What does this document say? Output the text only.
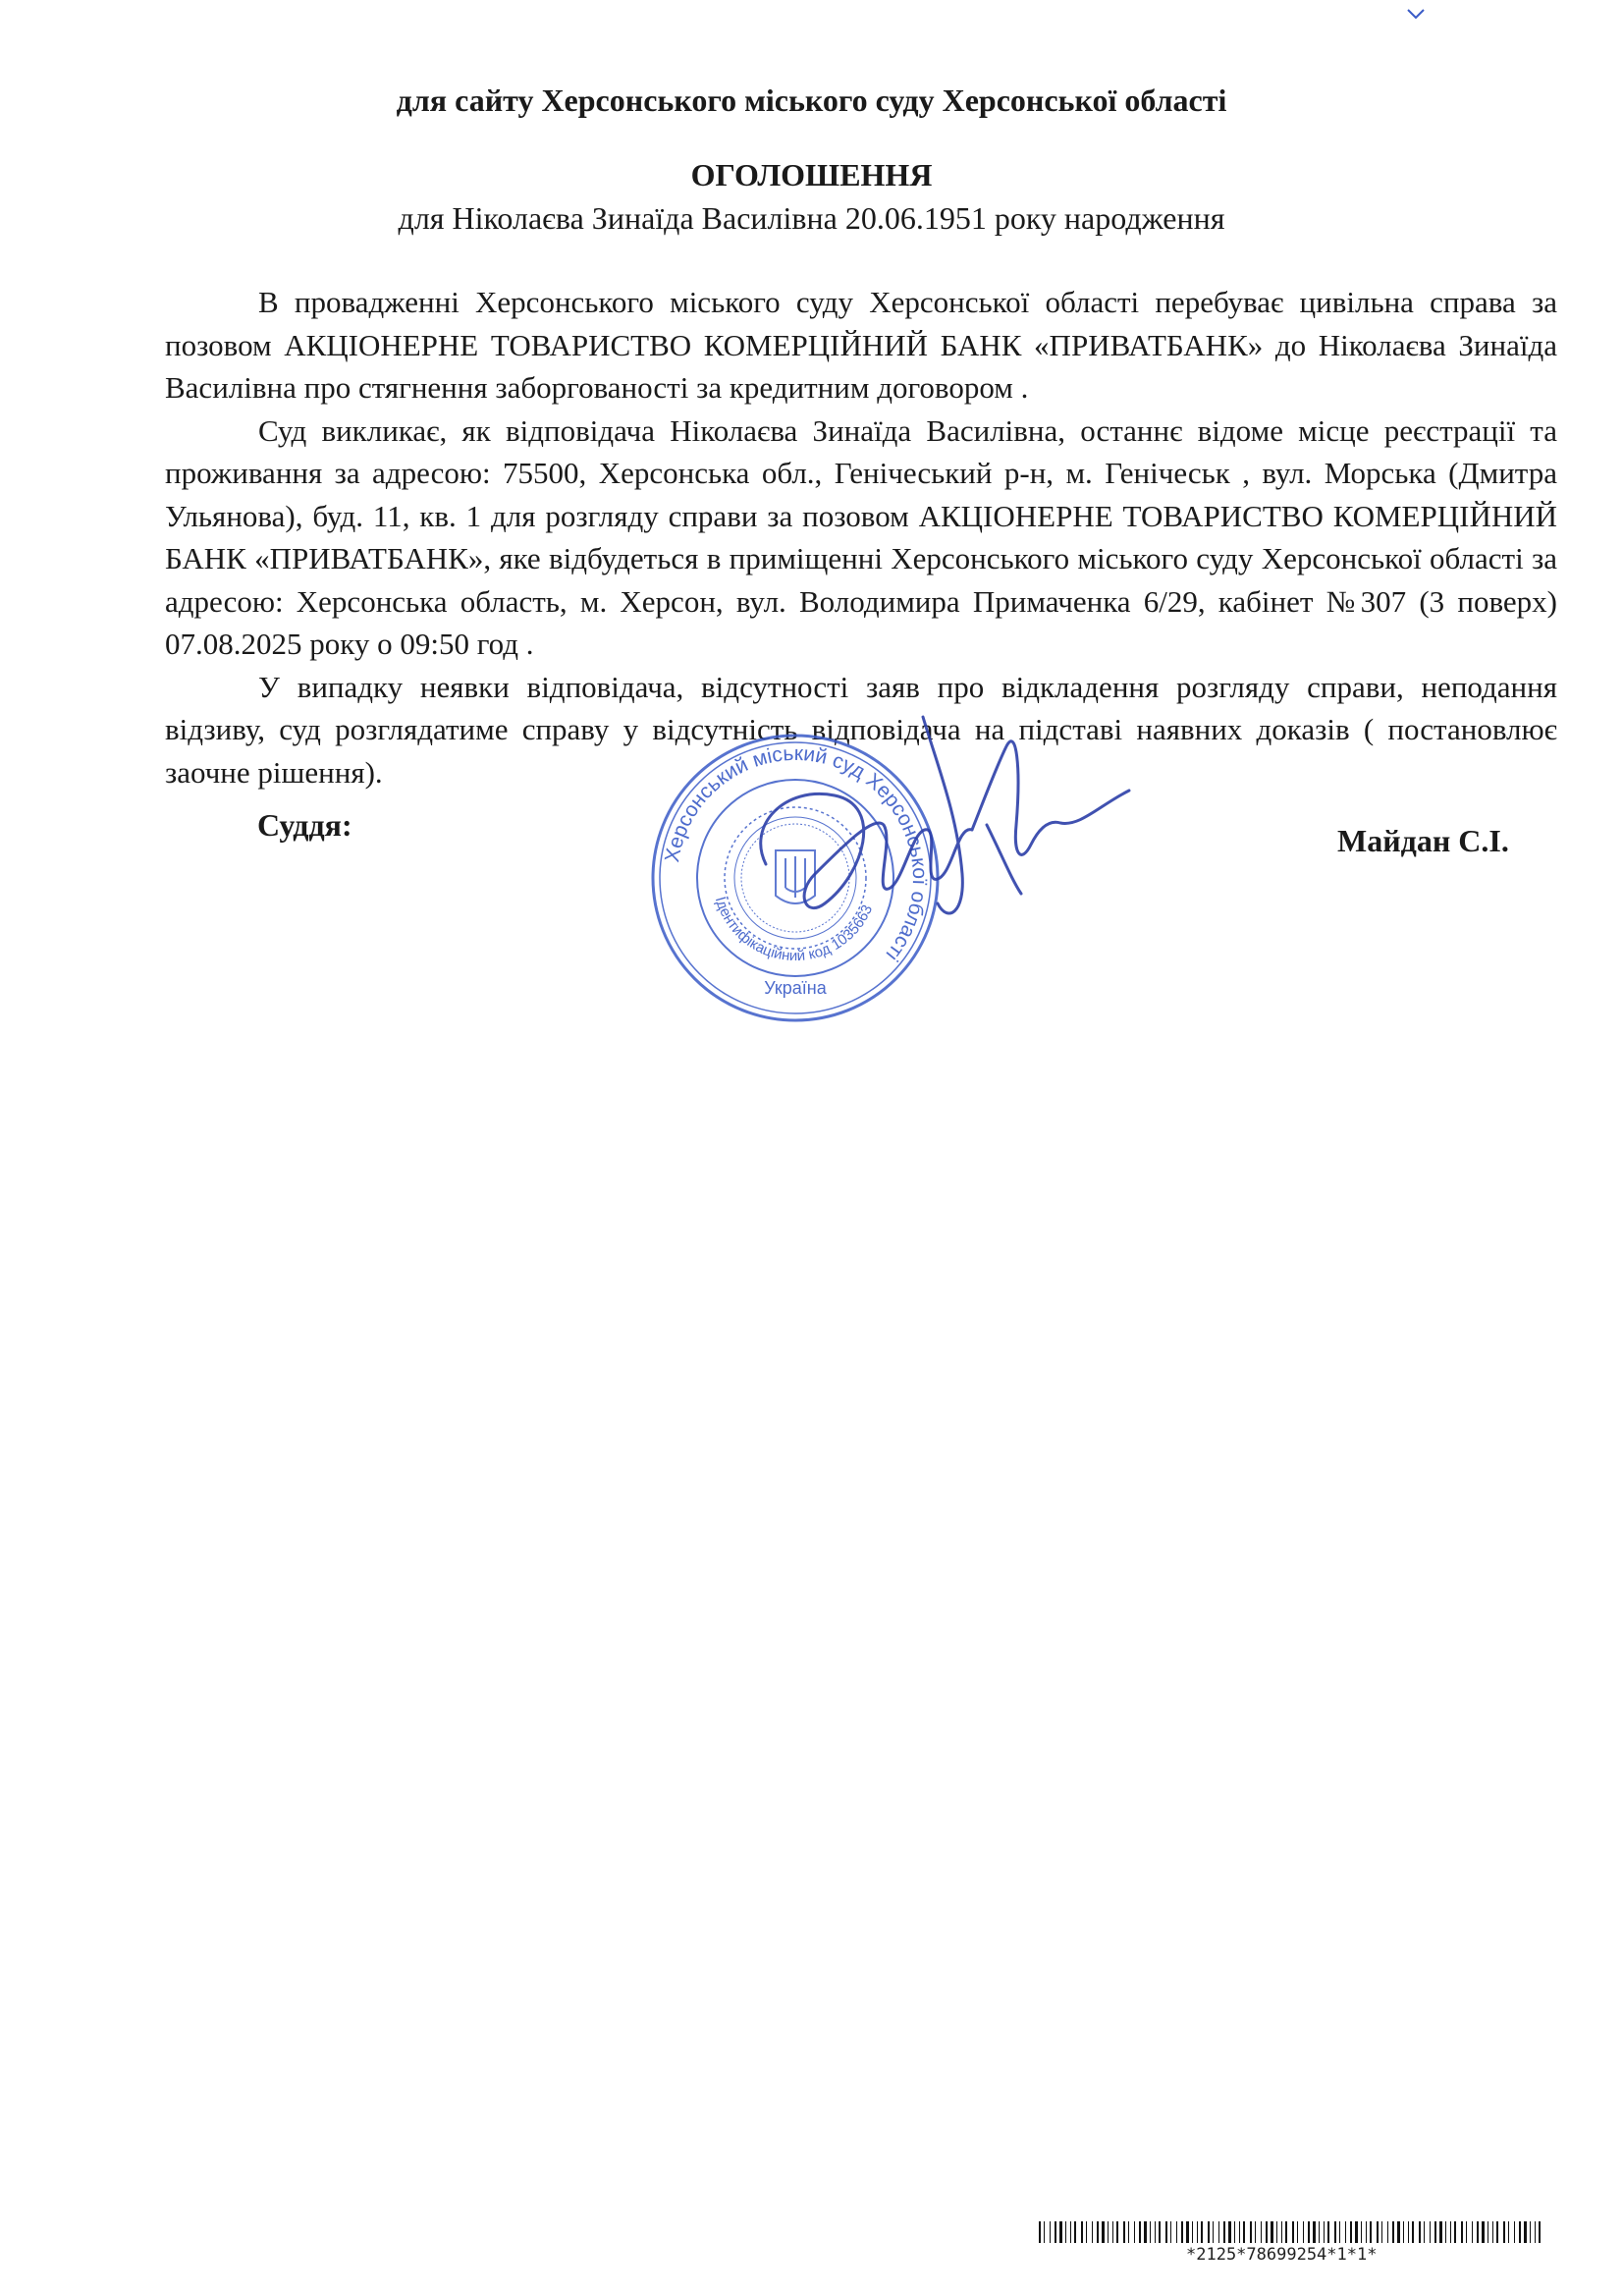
для сайту Херсонського міського суду Херсонської області
ОГОЛОШЕННЯ
для Ніколаєва Зинаїда Василівна 20.06.1951 року народження

В провадженні Херсонського міського суду Херсонської області перебуває цивільна справа за позовом АКЦІОНЕРНЕ ТОВАРИСТВО КОМЕРЦІЙНИЙ БАНК «ПРИВАТБАНК» до Ніколаєва Зинаїда Василівна про стягнення заборгованості за кредитним договором .

Суд викликає, як відповідача Ніколаєва Зинаїда Василівна, останнє відоме місце реєстрації та проживання за адресою: 75500, Херсонська обл., Генічеський р-н, м. Генічеськ , вул. Морська (Дмитра Ульянова), буд. 11, кв. 1 для розгляду справи за позовом АКЦІОНЕРНЕ ТОВАРИСТВО КОМЕРЦІЙНИЙ БАНК «ПРИВАТБАНК», яке відбудеться в приміщенні Херсонського міського суду Херсонської області за адресою: Херсонська область, м. Херсон, вул. Володимира Примаченка 6/29, кабінет №307 (3 поверх) 07.08.2025 року о 09:50 год .

У випадку неявки відповідача, відсутності заяв про відкладення розгляду справи, неподання відзиву, суд розглядатиме справу у відсутність відповідача на підставі наявних доказів ( постановлює заочне рішення).

Суддя:	Майдан С.І.
Херсонський міський суд Херсонської області
Ідентифікаційний код 1035663
Україна
*2125*78699254*1*1*
